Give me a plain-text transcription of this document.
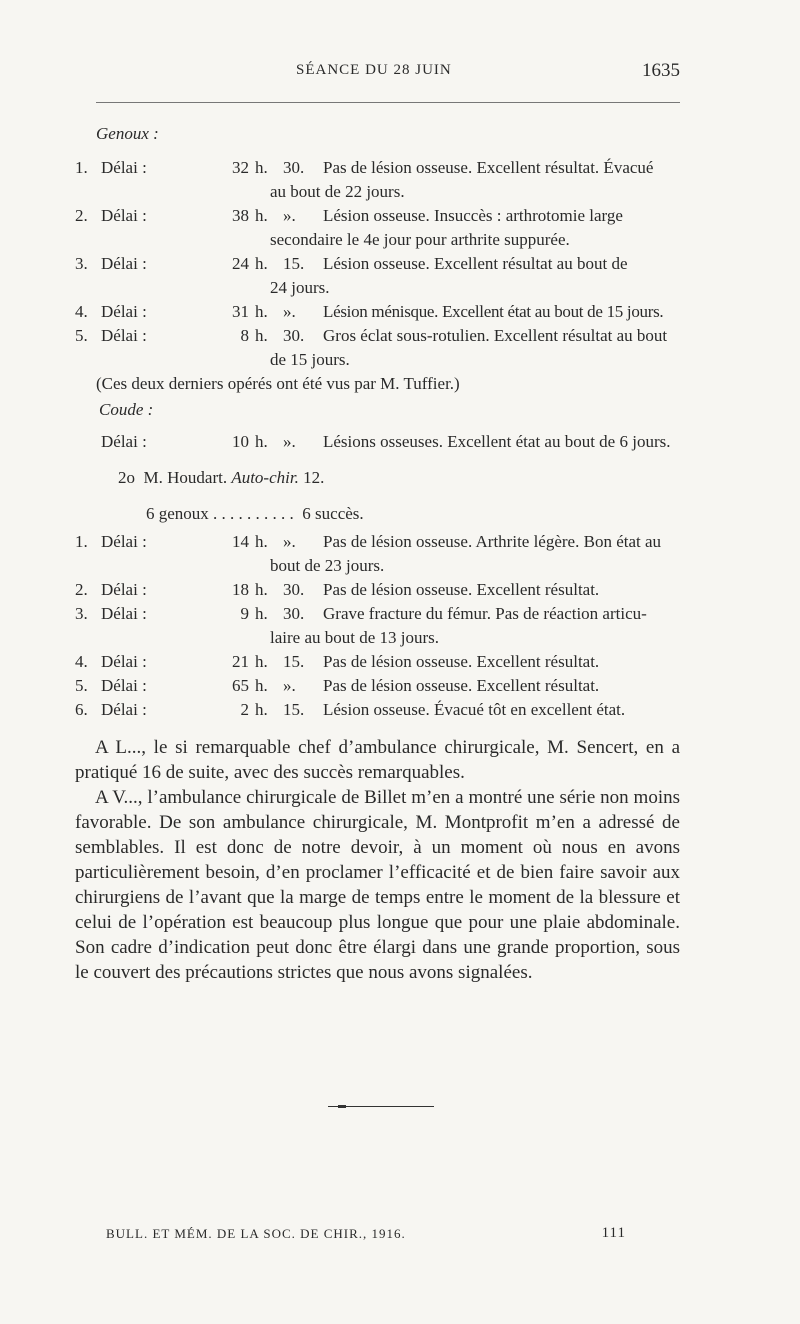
SÉANCE DU 28 JUIN	1635
Genoux :
1. Délai :	32 h. 30.	Pas de lésion osseuse. Excellent résultat. Évacué
au bout de 22 jours.
2. Délai :	38 h. ».	Lésion osseuse. Insuccès : arthrotomie large
secondaire le 4e jour pour arthrite suppurée.
3. Délai :	24 h. 15.	Lésion osseuse. Excellent résultat au bout de
24 jours.
4. Délai :	31 h. ».	Lésion ménisque. Excellent état au bout de 15 jours.
5. Délai :	8 h. 30.	Gros éclat sous-rotulien. Excellent résultat au bout
de 15 jours.
(Ces deux derniers opérés ont été vus par M. Tuffier.)
Coude :
Délai :	10 h. ».	Lésions osseuses. Excellent état au bout de 6 jours.
2o M. Houdart. Auto-chir. 12.
6 genoux . . . . . . . . . . 6 succès.
1. Délai :	14 h. ».	Pas de lésion osseuse. Arthrite légère. Bon état au
bout de 23 jours.
2. Délai :	18 h. 30.	Pas de lésion osseuse. Excellent résultat.
3. Délai :	9 h. 30.	Grave fracture du fémur. Pas de réaction articu-
laire au bout de 13 jours.
4. Délai :	21 h. 15.	Pas de lésion osseuse. Excellent résultat.
5. Délai :	65 h. ».	Pas de lésion osseuse. Excellent résultat.
6. Délai :	2 h. 15.	Lésion osseuse. Évacué tôt en excellent état.

A L..., le si remarquable chef d’ambulance chirurgicale, M. Sencert, en a pratiqué 16 de suite, avec des succès remarquables.

A V..., l’ambulance chirurgicale de Billet m’en a montré une série non moins favorable. De son ambulance chirurgicale, M. Montprofit m’en a adressé de semblables. Il est donc de notre devoir, à un moment où nous en avons particulièrement besoin, d’en proclamer l’efficacité et de bien faire savoir aux chirurgiens de l’avant que la marge de temps entre le moment de la blessure et celui de l’opération est beaucoup plus longue que pour une plaie abdominale. Son cadre d’indication peut donc être élargi dans une grande proportion, sous le couvert des précautions strictes que nous avons signalées.

BULL. ET MÉM. DE LA SOC. DE CHIR., 1916.	111
